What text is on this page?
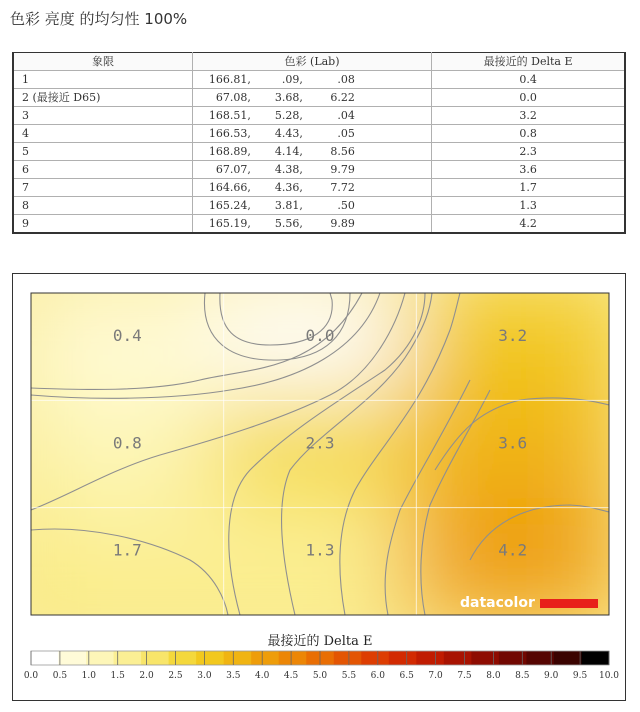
色彩 亮度 的均匀性 100%
象限	色彩 (Lab)	最接近的 Delta E
1	166.81, .09, .08	0.4
2 (最接近 D65)	67.08, 3.68, 6.22	0.0
3	168.51, 5.28, .04	3.2
4	166.53, 4.43, .05	0.8
5	168.89, 4.14, 8.56	2.3
6	67.07, 4.38, 9.79	3.6
7	164.66, 4.36, 7.72	1.7
8	165.24, 3.81, .50	1.3
9	165.19, 5.56, 9.89	4.2
0.4	0.0	3.2
0.8	2.3	3.6
1.7	1.3	4.2
datacolor
最接近的 Delta E
0.0 0.5 1.0 1.5 2.0 2.5 3.0 3.5 4.0 4.5 5.0 5.5 6.0 6.5 7.0 7.5 8.0 8.5 9.0 9.5 10.0
